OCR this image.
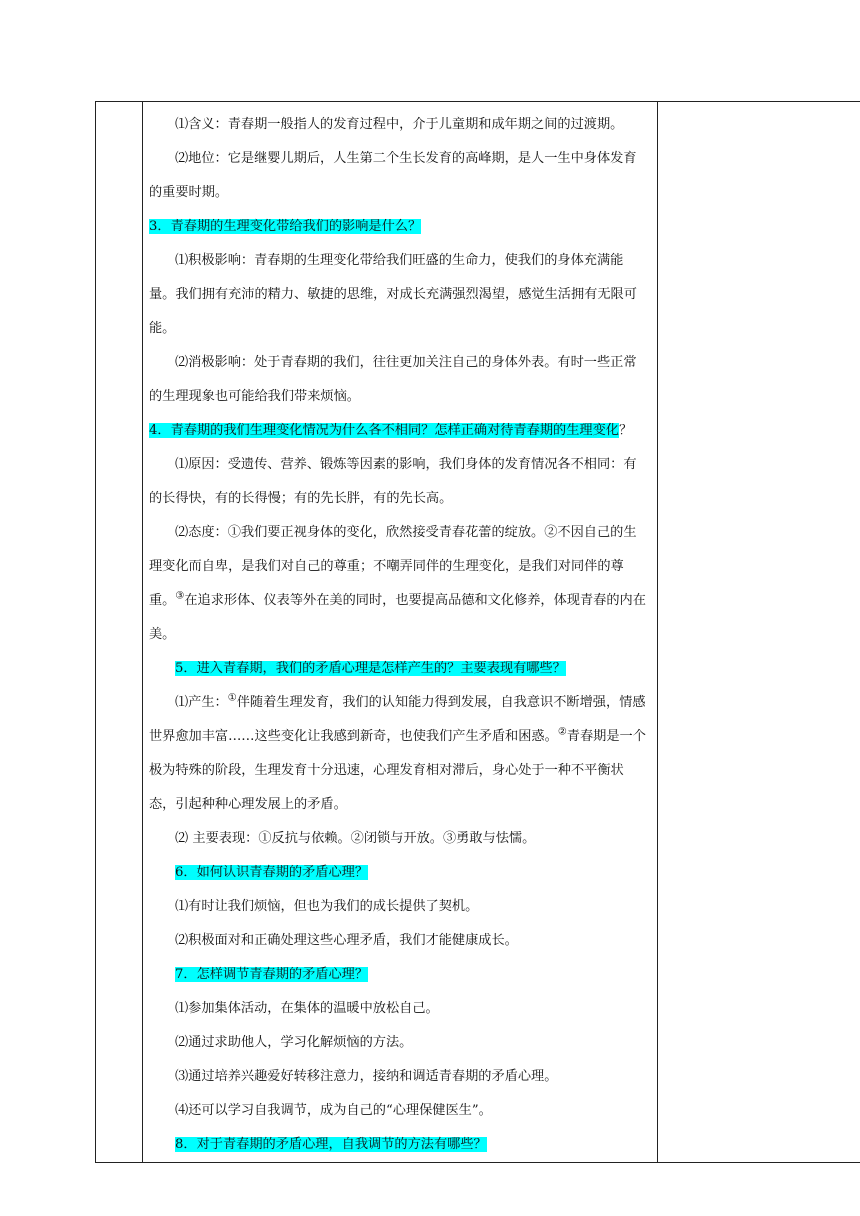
⑴含义：青春期一般指人的发育过程中，介于儿童期和成年期之间的过渡期。

⑵地位：它是继婴儿期后，人生第二个生长发育的高峰期，是人一生中身体发育的重要时期。

3．青春期的生理变化带给我们的影响是什么？

⑴积极影响：青春期的生理变化带给我们旺盛的生命力，使我们的身体充满能量。我们拥有充沛的精力、敏捷的思维，对成长充满强烈渴望，感觉生活拥有无限可能。

⑵消极影响：处于青春期的我们，往往更加关注自己的身体外表。有时一些正常的生理现象也可能给我们带来烦恼。

4．青春期的我们生理变化情况为什么各不相同？怎样正确对待青春期的生理变化？

⑴原因：受遗传、营养、锻炼等因素的影响，我们身体的发育情况各不相同：有的长得快，有的长得慢；有的先长胖，有的先长高。

⑵态度：①我们要正视身体的变化，欣然接受青春花蕾的绽放。②不因自己的生理变化而自卑，是我们对自己的尊重；不嘲弄同伴的生理变化，是我们对同伴的尊重。③在追求形体、仪表等外在美的同时，也要提高品德和文化修养，体现青春的内在美。

5．进入青春期，我们的矛盾心理是怎样产生的？主要表现有哪些？

⑴产生：①伴随着生理发育，我们的认知能力得到发展，自我意识不断增强，情感世界愈加丰富……这些变化让我感到新奇，也使我们产生矛盾和困惑。②青春期是一个极为特殊的阶段，生理发育十分迅速，心理发育相对滞后，身心处于一种不平衡状态，引起种种心理发展上的矛盾。

⑵ 主要表现：①反抗与依赖。②闭锁与开放。③勇敢与怯懦。

6．如何认识青春期的矛盾心理？

⑴有时让我们烦恼，但也为我们的成长提供了契机。

⑵积极面对和正确处理这些心理矛盾，我们才能健康成长。

7．怎样调节青春期的矛盾心理？

⑴参加集体活动，在集体的温暖中放松自己。

⑵通过求助他人，学习化解烦恼的方法。

⑶通过培养兴趣爱好转移注意力，接纳和调适青春期的矛盾心理。

⑷还可以学习自我调节，成为自己的“心理保健医生”。

8．对于青春期的矛盾心理，自我调节的方法有哪些？
